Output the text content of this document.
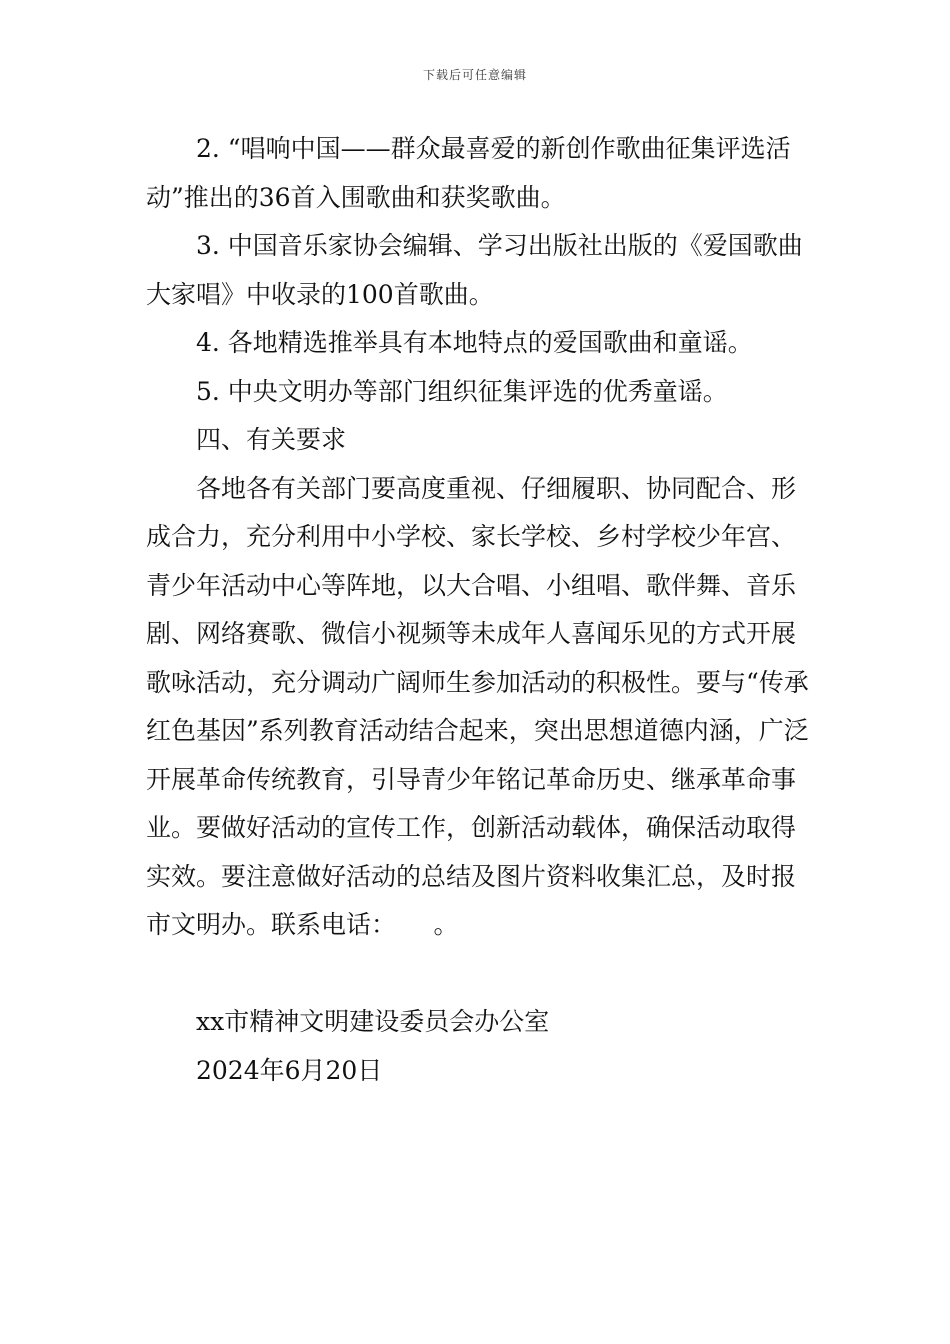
下载后可任意编辑

2. “唱响中国——群众最喜爱的新创作歌曲征集评选活动”推出的36首入围歌曲和获奖歌曲。

3. 中国音乐家协会编辑、学习出版社出版的《爱国歌曲大家唱》中收录的100首歌曲。

4. 各地精选推举具有本地特点的爱国歌曲和童谣。

5. 中央文明办等部门组织征集评选的优秀童谣。

四、有关要求

各地各有关部门要高度重视、仔细履职、协同配合、形成合力，充分利用中小学校、家长学校、乡村学校少年宫、青少年活动中心等阵地，以大合唱、小组唱、歌伴舞、音乐剧、网络赛歌、微信小视频等未成年人喜闻乐见的方式开展歌咏活动，充分调动广阔师生参加活动的积极性。要与“传承红色基因”系列教育活动结合起来，突出思想道德内涵，广泛开展革命传统教育，引导青少年铭记革命历史、继承革命事业。要做好活动的宣传工作，创新活动载体，确保活动取得实效。要注意做好活动的总结及图片资料收集汇总，及时报市文明办。联系电话：　　。

xx市精神文明建设委员会办公室

2024年6月20日
